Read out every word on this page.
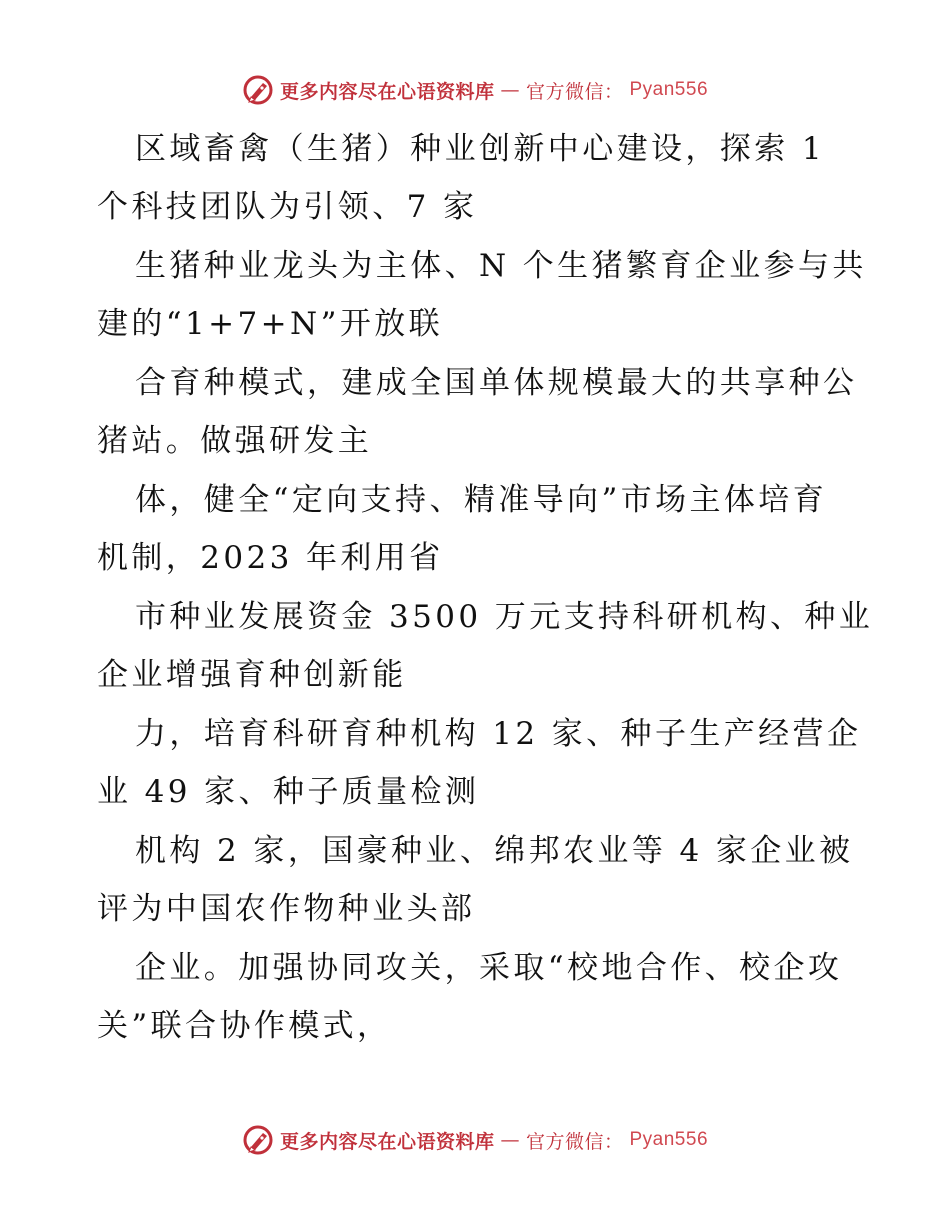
更多内容尽在心语资料库 — 官方微信： Pyan556
区域畜禽（生猪）种业创新中心建设，探索 1
个科技团队为引领、7 家
生猪种业龙头为主体、N 个生猪繁育企业参与共
建的“1+7+N”开放联
合育种模式，建成全国单体规模最大的共享种公
猪站。做强研发主
体，健全“定向支持、精准导向”市场主体培育
机制，2023 年利用省
市种业发展资金 3500 万元支持科研机构、种业
企业增强育种创新能
力，培育科研育种机构 12 家、种子生产经营企
业 49 家、种子质量检测
机构 2 家，国豪种业、绵邦农业等 4 家企业被
评为中国农作物种业头部
企业。加强协同攻关，采取“校地合作、校企攻
关”联合协作模式，
更多内容尽在心语资料库 — 官方微信： Pyan556
